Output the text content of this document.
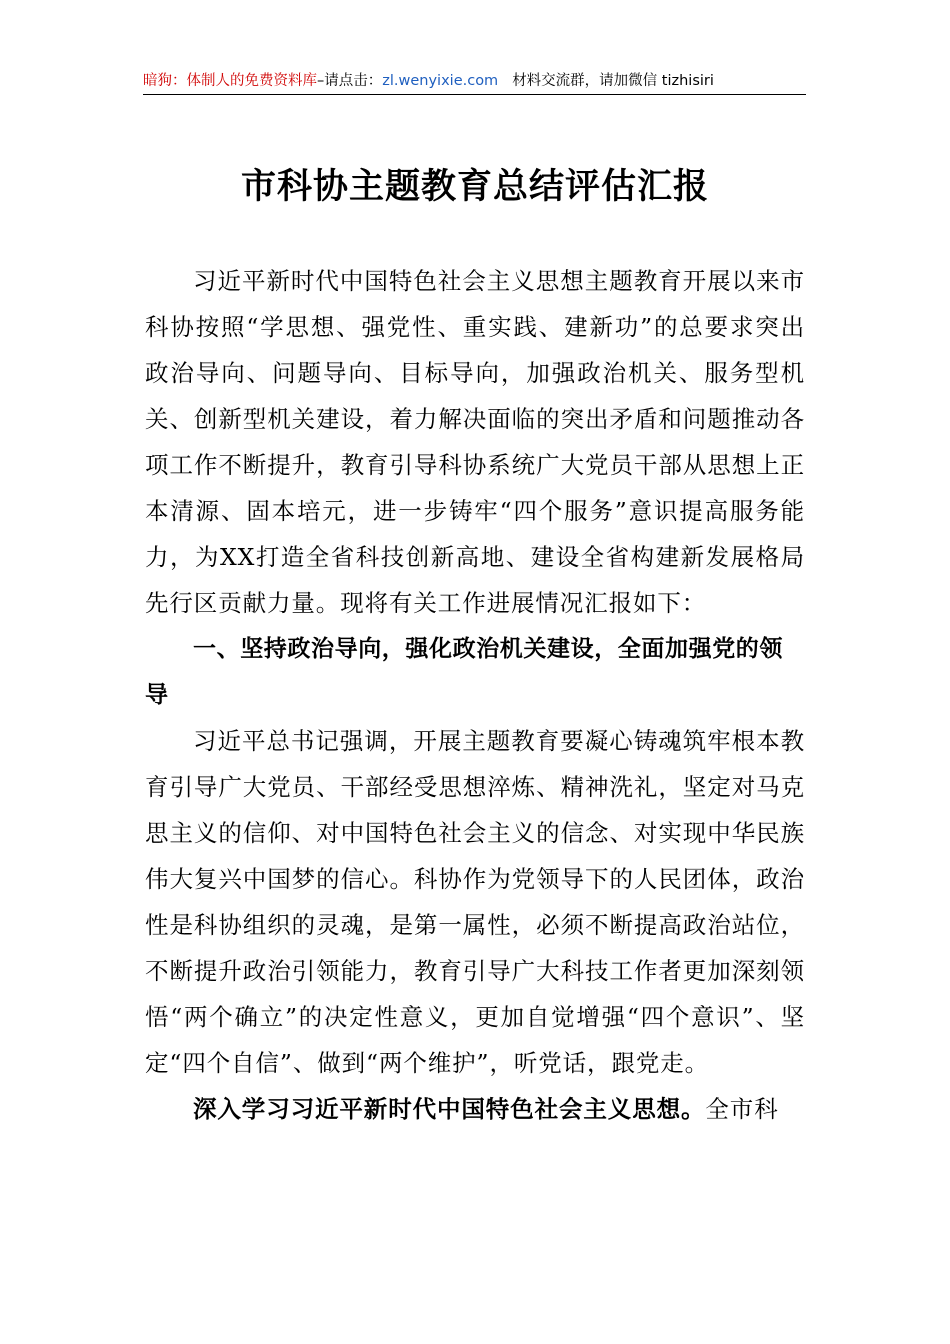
暗狗：体制人的免费资料库–请点击：zl.wenyixie.com 材料交流群，请加微信 tizhisiri
市科协主题教育总结评估汇报

习近平新时代中国特色社会主义思想主题教育开展以来市科协按照“学思想、强党性、重实践、建新功”的总要求突出政治导向、问题导向、目标导向，加强政治机关、服务型机关、创新型机关建设，着力解决面临的突出矛盾和问题推动各项工作不断提升，教育引导科协系统广大党员干部从思想上正本清源、固本培元，进一步铸牢“四个服务”意识提高服务能力，为XX打造全省科技创新高地、建设全省构建新发展格局先行区贡献力量。现将有关工作进展情况汇报如下：

一、坚持政治导向，强化政治机关建设，全面加强党的领导

习近平总书记强调，开展主题教育要凝心铸魂筑牢根本教育引导广大党员、干部经受思想淬炼、精神洗礼，坚定对马克思主义的信仰、对中国特色社会主义的信念、对实现中华民族伟大复兴中国梦的信心。科协作为党领导下的人民团体，政治性是科协组织的灵魂，是第一属性，必须不断提高政治站位，不断提升政治引领能力，教育引导广大科技工作者更加深刻领悟“两个确立”的决定性意义，更加自觉增强“四个意识”、坚定“四个自信”、做到“两个维护”，听党话，跟党走。

深入学习习近平新时代中国特色社会主义思想。全市科
